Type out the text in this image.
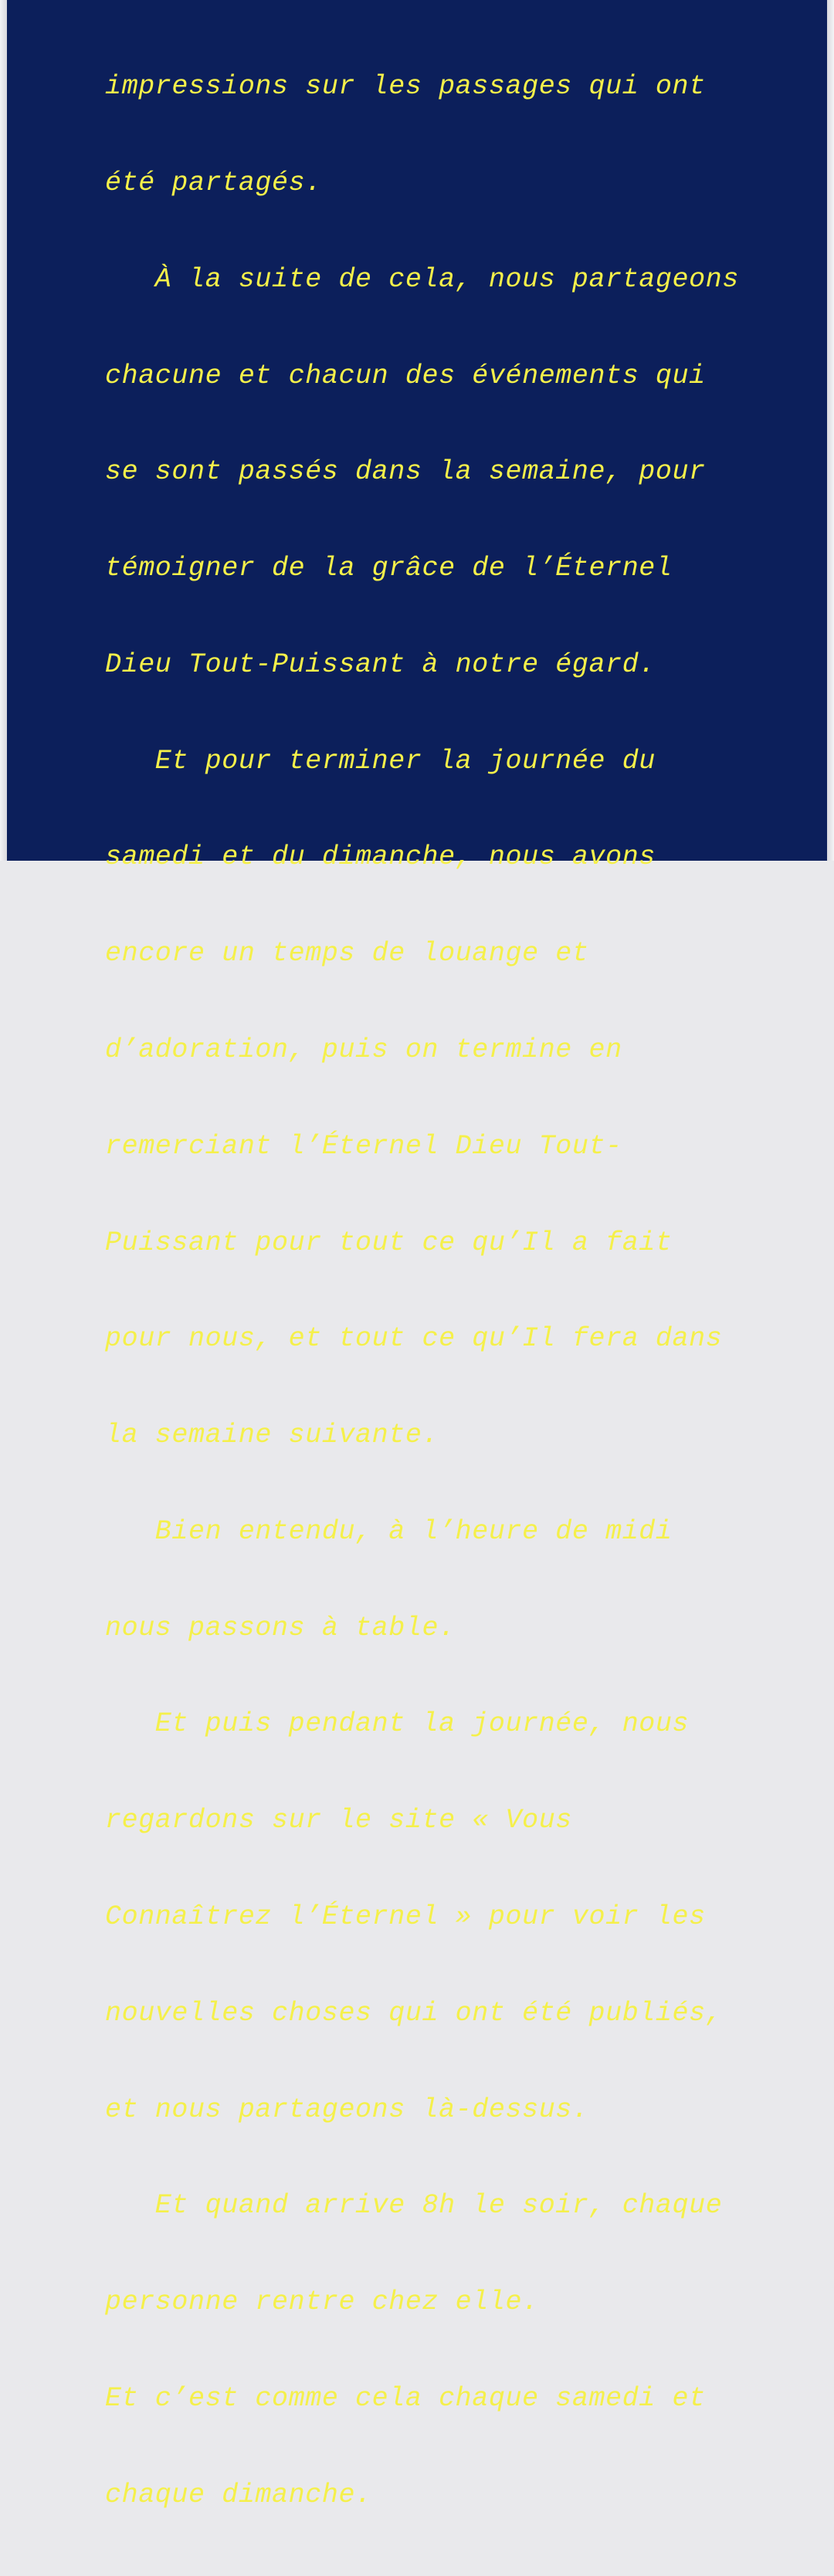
impressions sur les passages qui ont

été partagés.

À la suite de cela, nous partageons

chacune et chacun des événements qui

se sont passés dans la semaine, pour

témoigner de la grâce de l’Éternel

Dieu Tout-Puissant à notre égard.

Et pour terminer la journée du

samedi et du dimanche, nous avons

encore un temps de louange et

d’adoration, puis on termine en

remerciant l’Éternel Dieu Tout-

Puissant pour tout ce qu’Il a fait

pour nous, et tout ce qu’Il fera dans

la semaine suivante.

Bien entendu, à l’heure de midi

nous passons à table.

Et puis pendant la journée, nous

regardons sur le site « Vous

Connaîtrez l’Éternel » pour voir les

nouvelles choses qui ont été publiés,

et nous partageons là-dessus.

Et quand arrive 8h le soir, chaque

personne rentre chez elle.

Et c’est comme cela chaque samedi et

chaque dimanche.
